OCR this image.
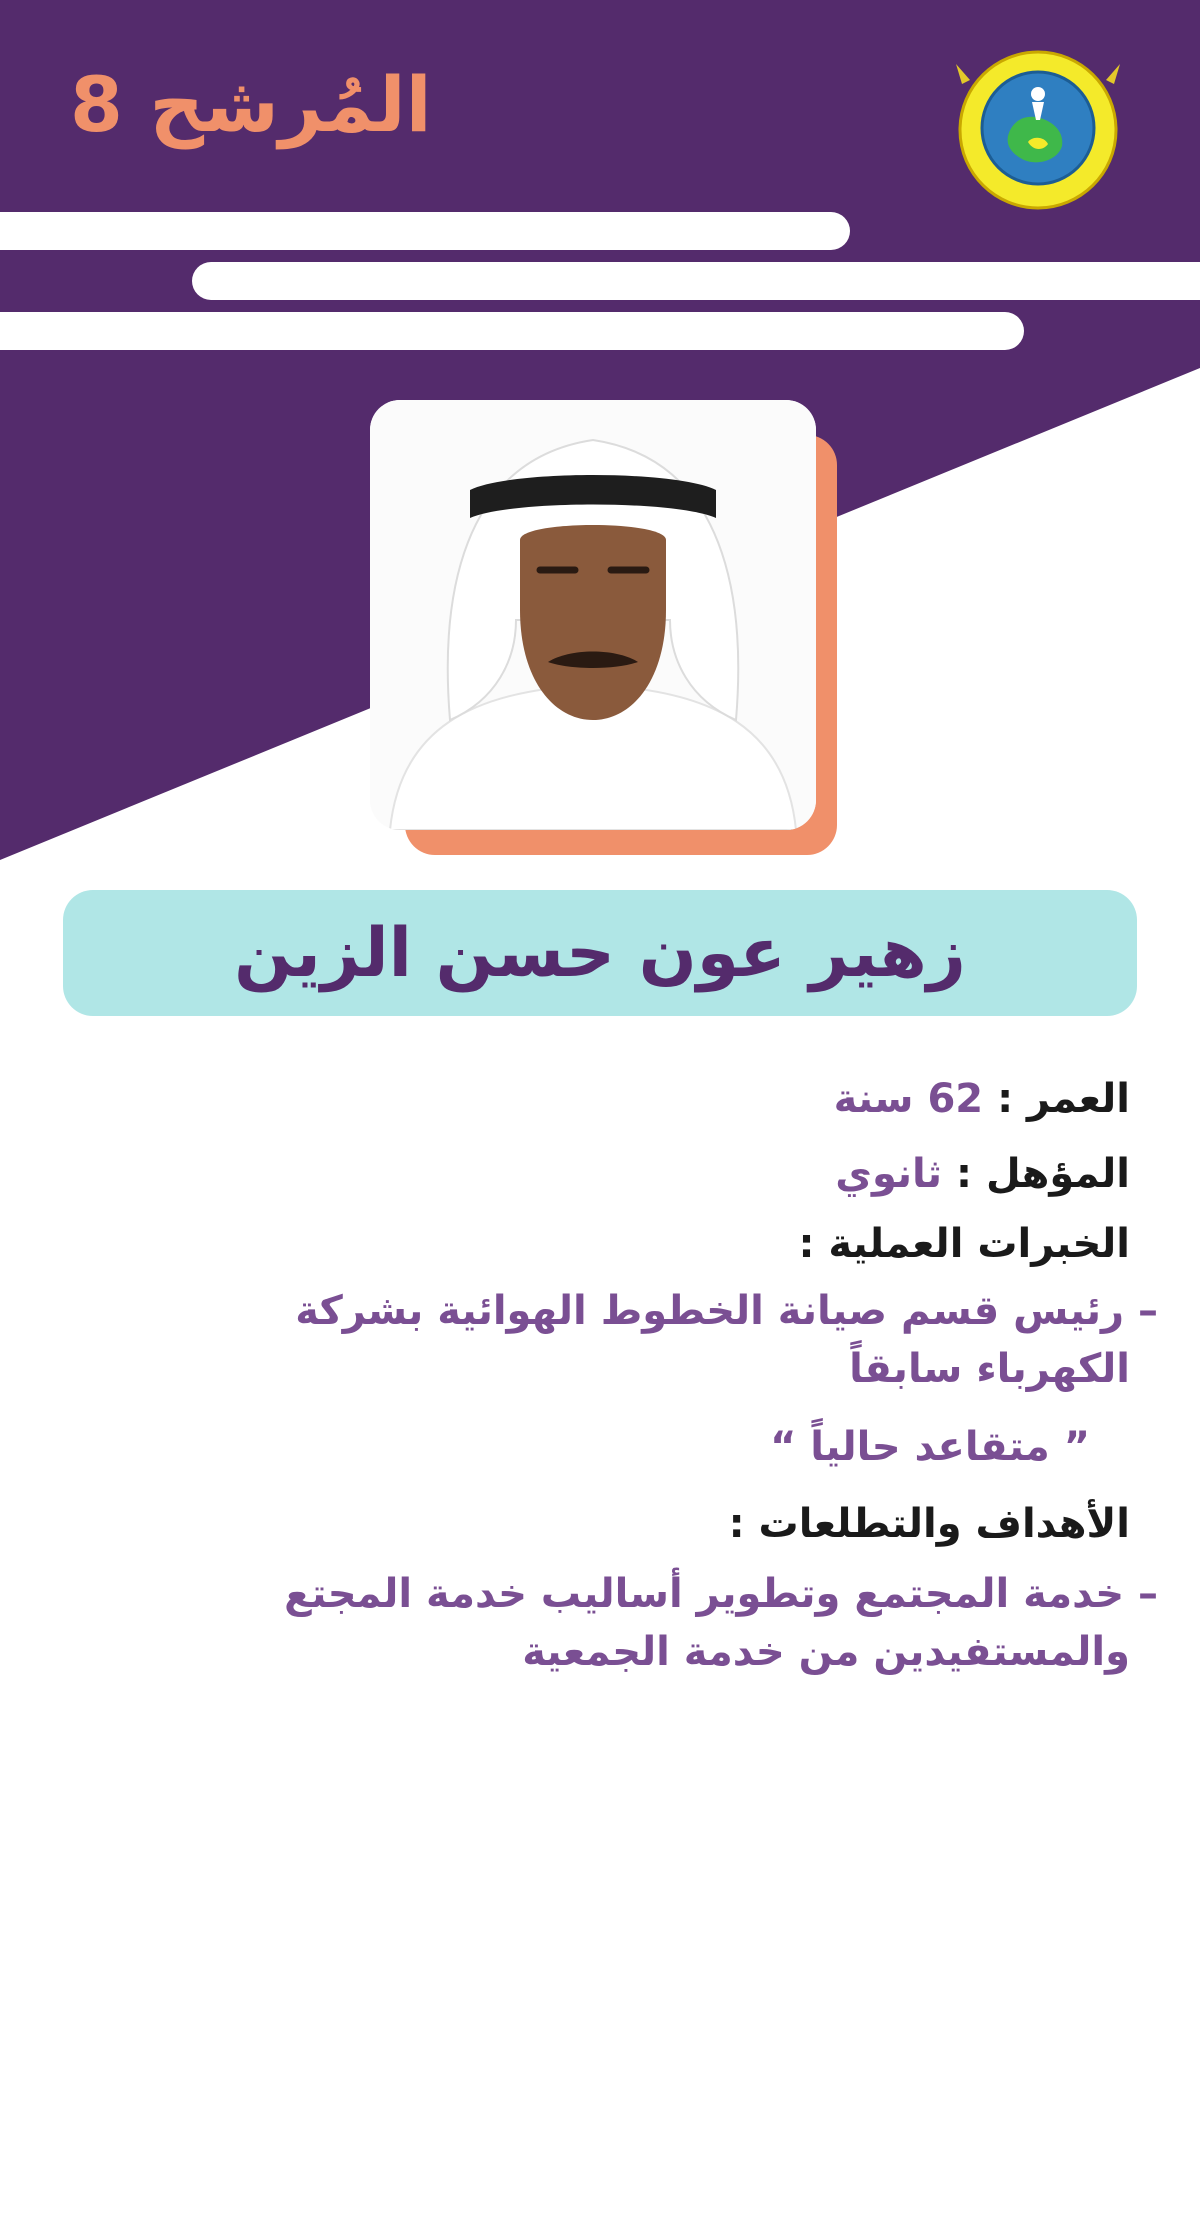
المُرشح 8
زهير عون حسن الزين
العمر : 62 سنة
المؤهل : ثانوي
الخبرات العملية :
– رئيس قسم صيانة الخطوط الهوائية بشركة الكهرباء سابقاً
” متقاعد حالياً “
الأهداف والتطلعات :
– خدمة المجتمع وتطوير أساليب خدمة المجتع والمستفيدين من خدمة الجمعية
